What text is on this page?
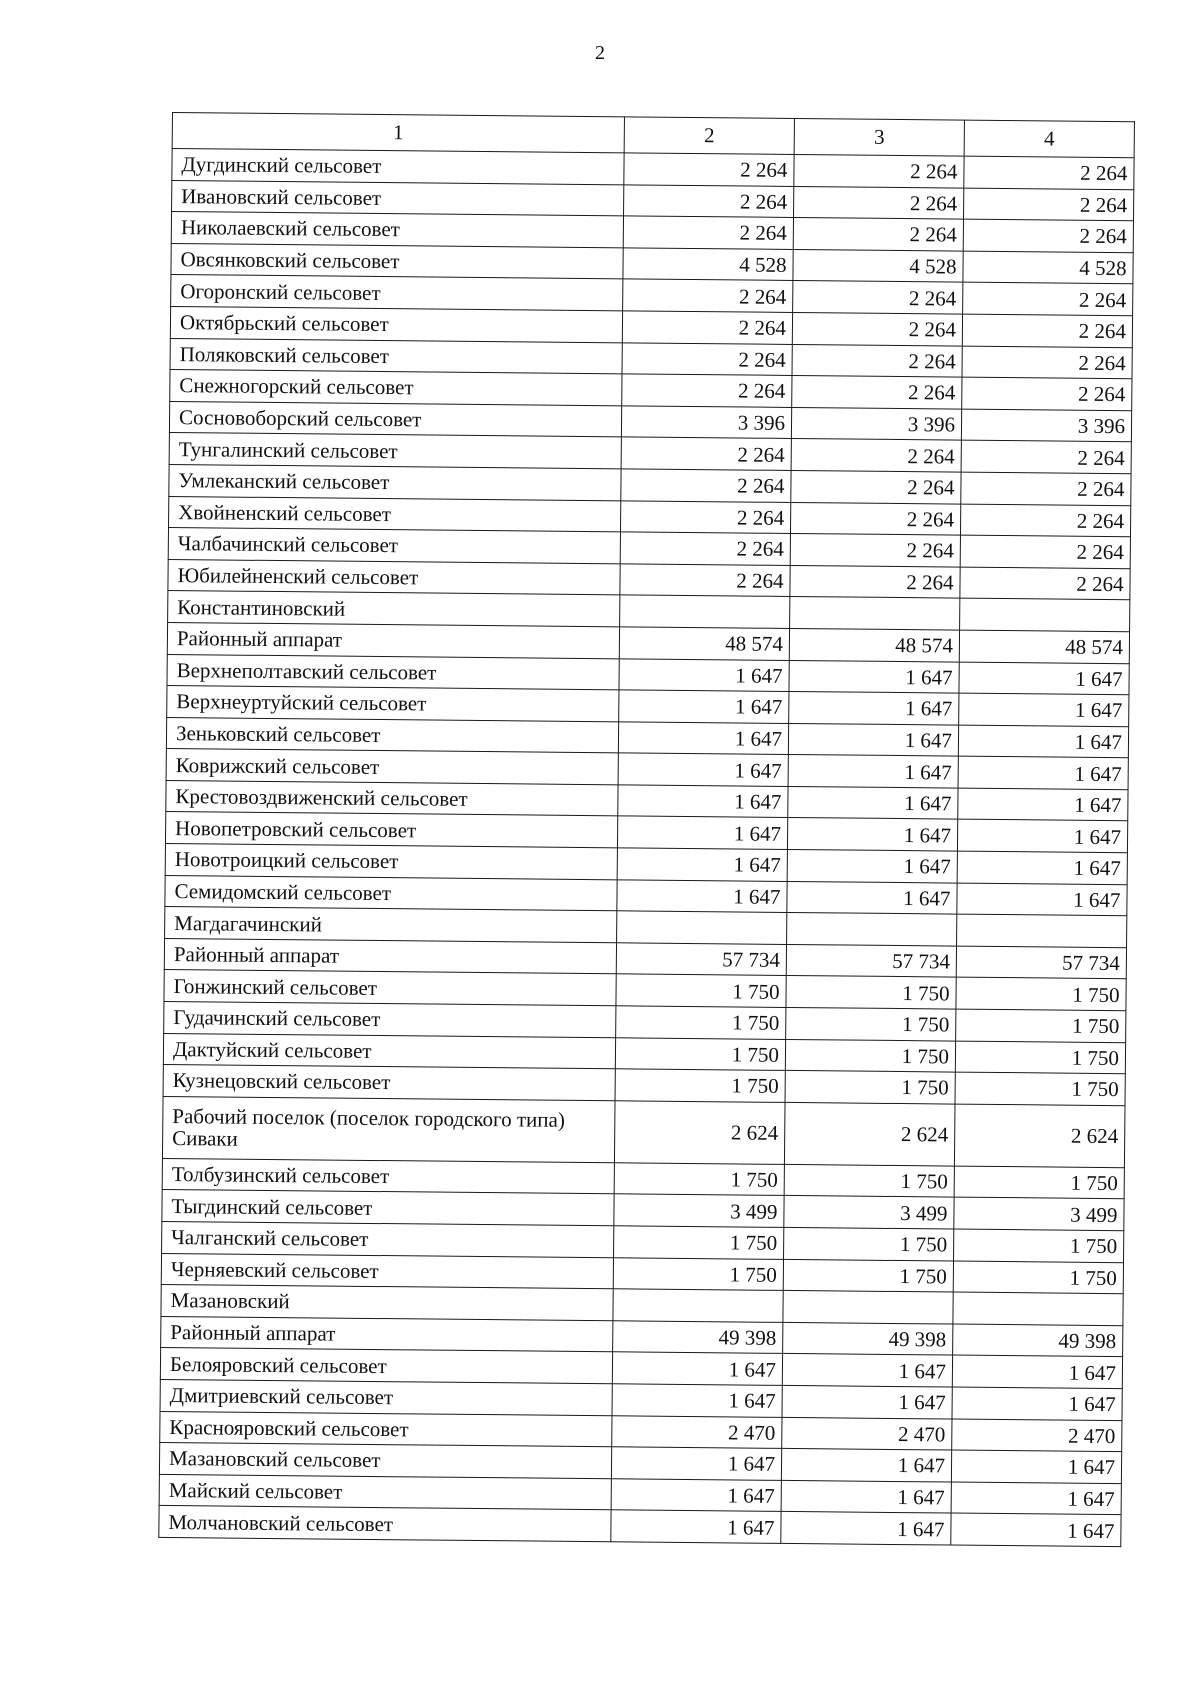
2
1	2	3	4
Дугдинский сельсовет	2 264	2 264	2 264
Ивановский сельсовет	2 264	2 264	2 264
Николаевский сельсовет	2 264	2 264	2 264
Овсянковский сельсовет	4 528	4 528	4 528
Огоронский сельсовет	2 264	2 264	2 264
Октябрьский сельсовет	2 264	2 264	2 264
Поляковский сельсовет	2 264	2 264	2 264
Снежногорский сельсовет	2 264	2 264	2 264
Сосновоборский сельсовет	3 396	3 396	3 396
Тунгалинский сельсовет	2 264	2 264	2 264
Умлеканский сельсовет	2 264	2 264	2 264
Хвойненский сельсовет	2 264	2 264	2 264
Чалбачинский сельсовет	2 264	2 264	2 264
Юбилейненский сельсовет	2 264	2 264	2 264
Константиновский			
Районный аппарат	48 574	48 574	48 574
Верхнеполтавский сельсовет	1 647	1 647	1 647
Верхнеуртуйский сельсовет	1 647	1 647	1 647
Зеньковский сельсовет	1 647	1 647	1 647
Коврижский сельсовет	1 647	1 647	1 647
Крестовоздвиженский сельсовет	1 647	1 647	1 647
Новопетровский сельсовет	1 647	1 647	1 647
Новотроицкий сельсовет	1 647	1 647	1 647
Семидомский сельсовет	1 647	1 647	1 647
Магдагачинский			
Районный аппарат	57 734	57 734	57 734
Гонжинский сельсовет	1 750	1 750	1 750
Гудачинский сельсовет	1 750	1 750	1 750
Дактуйский сельсовет	1 750	1 750	1 750
Кузнецовский сельсовет	1 750	1 750	1 750
Рабочий поселок (поселок городского типа) Сиваки	2 624	2 624	2 624
Толбузинский сельсовет	1 750	1 750	1 750
Тыгдинский сельсовет	3 499	3 499	3 499
Чалганский сельсовет	1 750	1 750	1 750
Черняевский сельсовет	1 750	1 750	1 750
Мазановский			
Районный аппарат	49 398	49 398	49 398
Белояровский сельсовет	1 647	1 647	1 647
Дмитриевский сельсовет	1 647	1 647	1 647
Краснояровский сельсовет	2 470	2 470	2 470
Мазановский сельсовет	1 647	1 647	1 647
Майский сельсовет	1 647	1 647	1 647
Молчановский сельсовет	1 647	1 647	1 647
